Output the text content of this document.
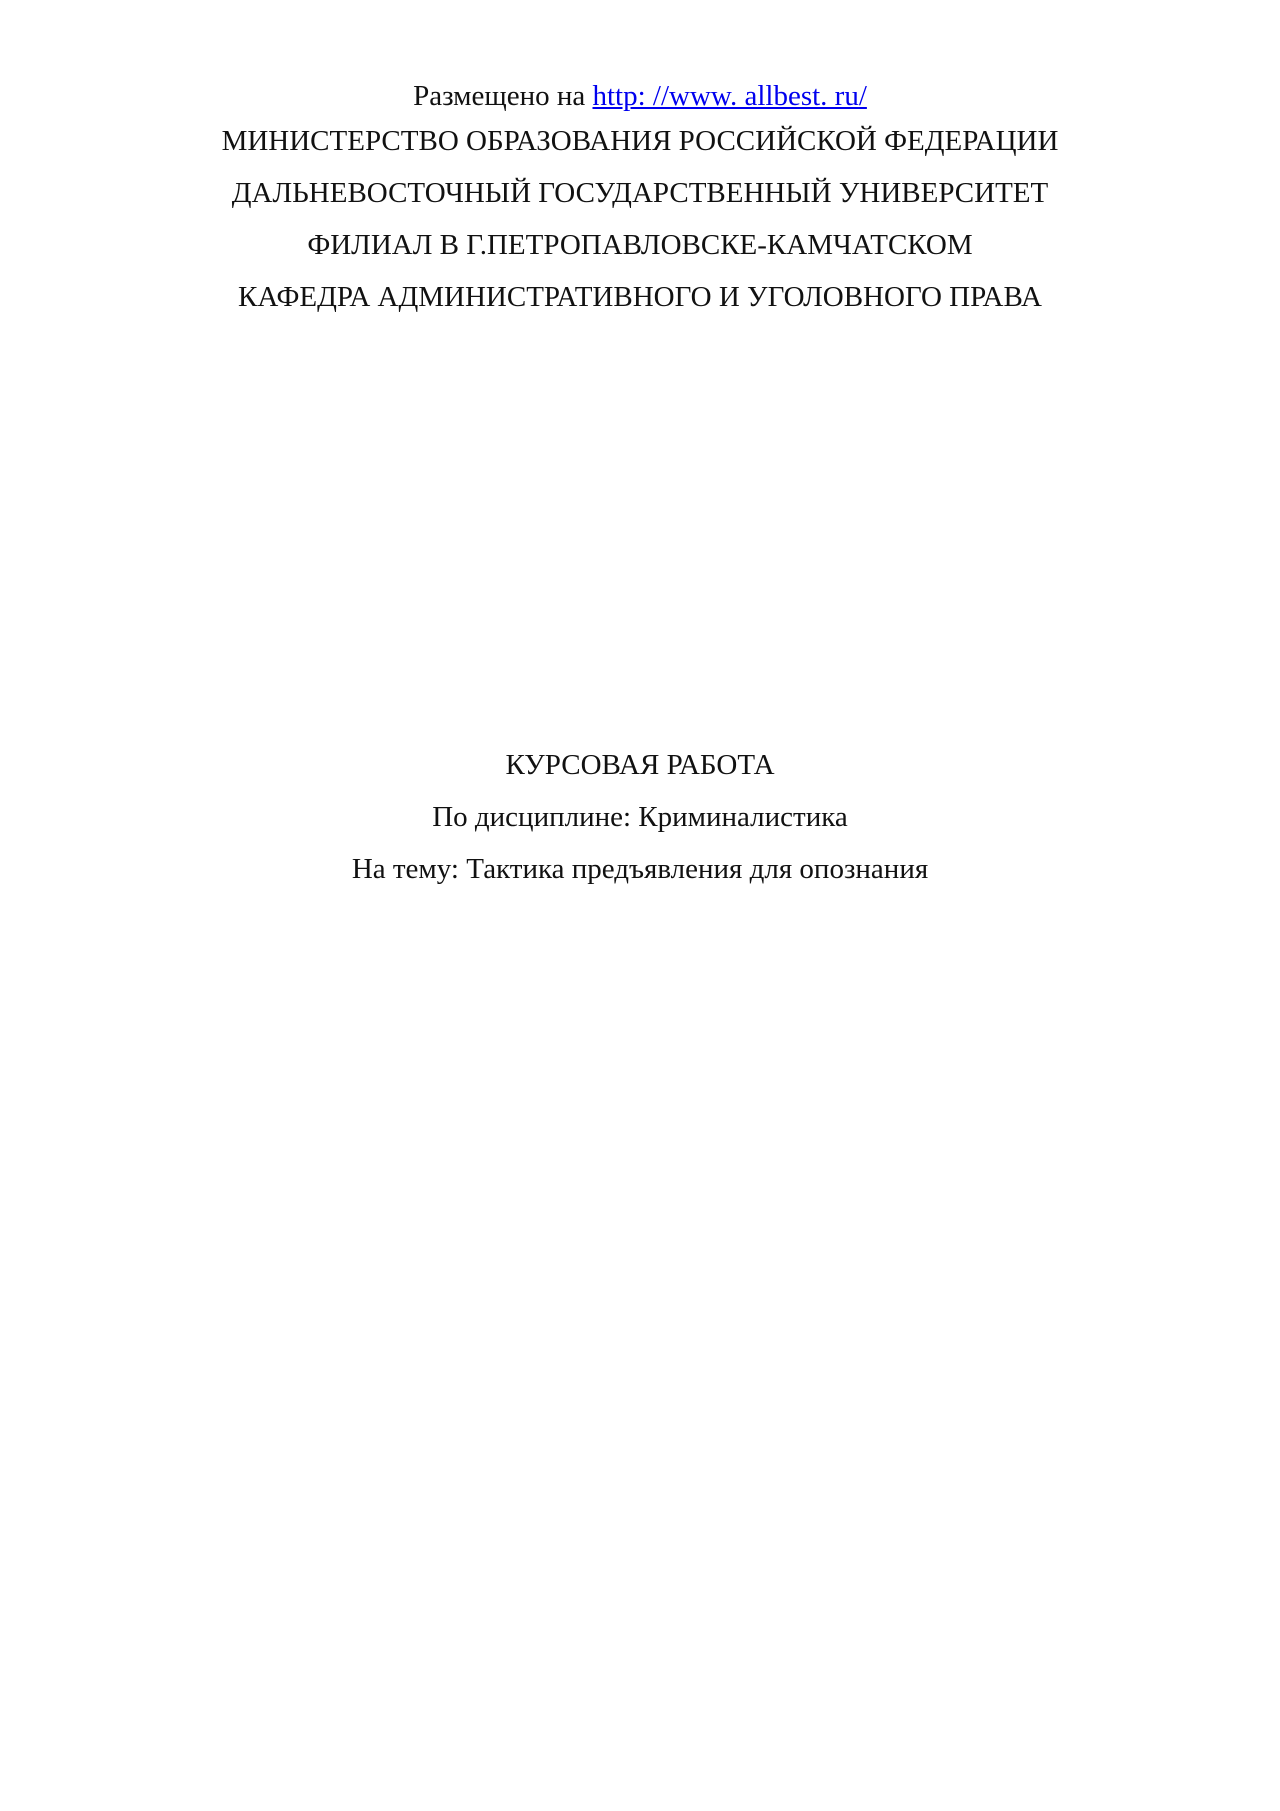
Размещено на http: //www. allbest. ru/
МИНИСТЕРСТВО ОБРАЗОВАНИЯ РОССИЙСКОЙ ФЕДЕРАЦИИ
ДАЛЬНЕВОСТОЧНЫЙ ГОСУДАРСТВЕННЫЙ УНИВЕРСИТЕТ
ФИЛИАЛ В Г.ПЕТРОПАВЛОВСКЕ-КАМЧАТСКОМ
КАФЕДРА АДМИНИСТРАТИВНОГО И УГОЛОВНОГО ПРАВА
КУРСОВАЯ РАБОТА
По дисциплине: Криминалистика
На тему: Тактика предъявления для опознания
